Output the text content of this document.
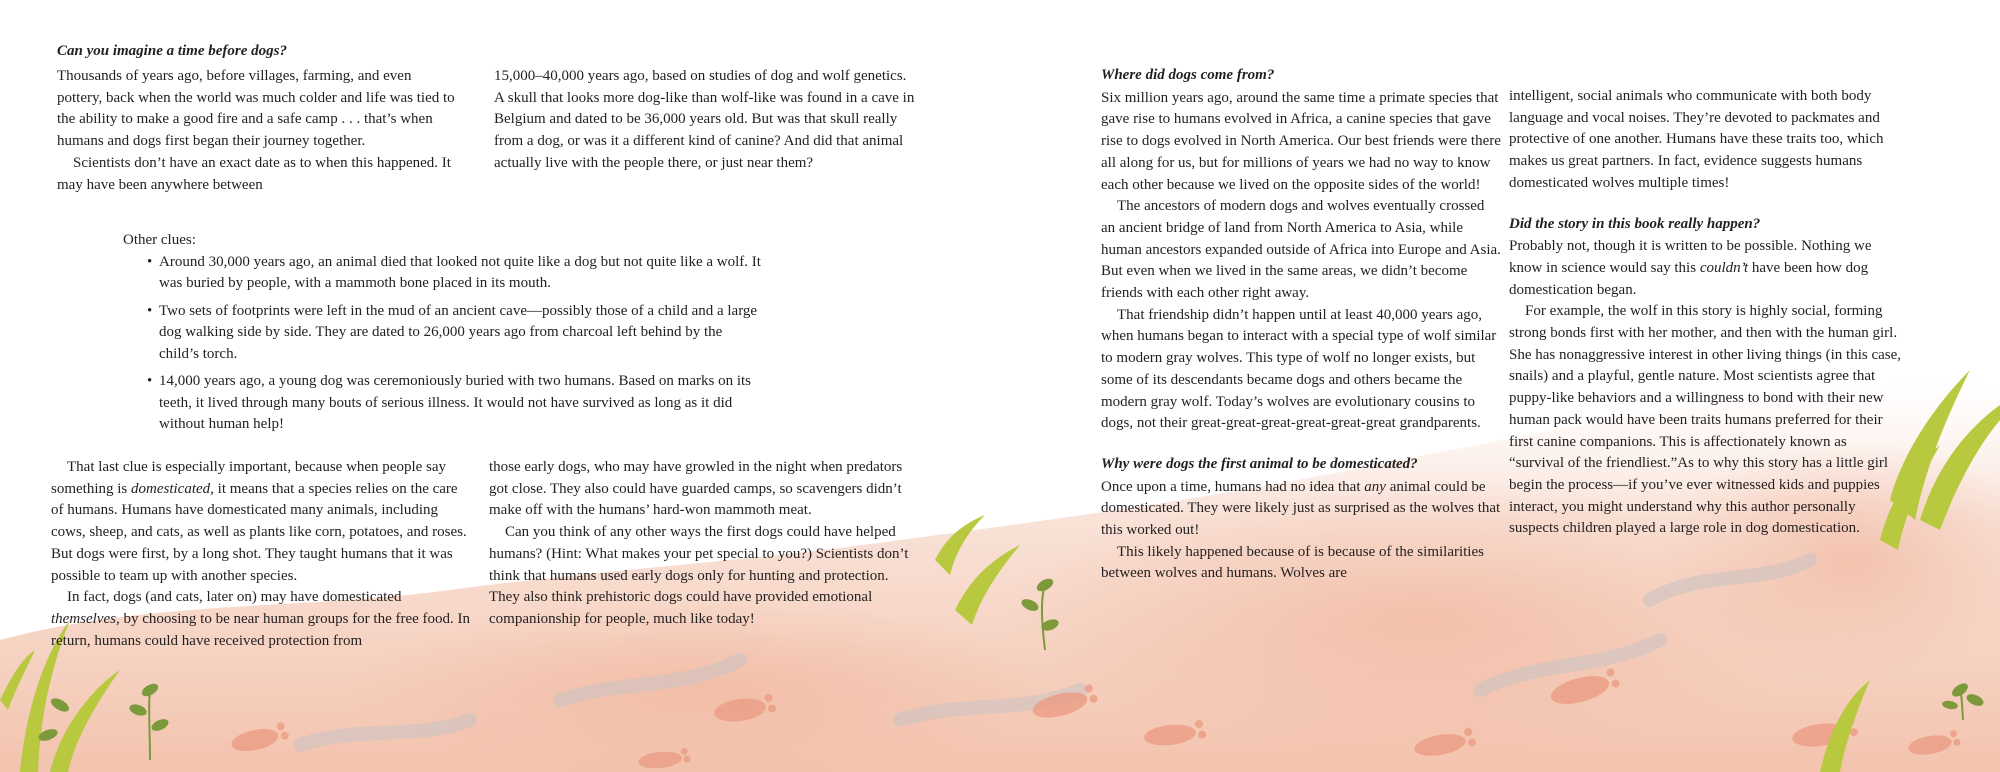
Can you imagine a time before dogs?

Thousands of years ago, before villages, farming, and even pottery, back when the world was much colder and life was tied to the ability to make a good fire and a safe camp . . . that’s when humans and dogs first began their journey together.

Scientists don’t have an exact date as to when this happened. It may have been anywhere between

15,000–40,000 years ago, based on studies of dog and wolf genetics. A skull that looks more dog-like than wolf-like was found in a cave in Belgium and dated to be 36,000 years old. But was that skull really from a dog, or was it a different kind of canine? And did that animal actually live with the people there, or just near them?

Other clues:
• Around 30,000 years ago, an animal died that looked not quite like a dog but not quite like a wolf. It was buried by people, with a mammoth bone placed in its mouth.
• Two sets of footprints were left in the mud of an ancient cave—possibly those of a child and a large dog walking side by side. They are dated to 26,000 years ago from charcoal left behind by the child’s torch.
• 14,000 years ago, a young dog was ceremoniously buried with two humans. Based on marks on its teeth, it lived through many bouts of serious illness. It would not have survived as long as it did without human help!

That last clue is especially important, because when people say something is domesticated, it means that a species relies on the care of humans. Humans have domesticated many animals, including cows, sheep, and cats, as well as plants like corn, potatoes, and roses. But dogs were first, by a long shot. They taught humans that it was possible to team up with another species.

In fact, dogs (and cats, later on) may have domesticated themselves, by choosing to be near human groups for the free food. In return, humans could have received protection from

those early dogs, who may have growled in the night when predators got close. They also could have guarded camps, so scavengers didn’t make off with the humans’ hard-won mammoth meat.

Can you think of any other ways the first dogs could have helped humans? (Hint: What makes your pet special to you?) Scientists don’t think that humans used early dogs only for hunting and protection. They also think prehistoric dogs could have provided emotional companionship for people, much like today!

Where did dogs come from?

Six million years ago, around the same time a primate species that gave rise to humans evolved in Africa, a canine species that gave rise to dogs evolved in North America. Our best friends were there all along for us, but for millions of years we had no way to know each other because we lived on the opposite sides of the world!

The ancestors of modern dogs and wolves eventually crossed an ancient bridge of land from North America to Asia, while human ancestors expanded outside of Africa into Europe and Asia. But even when we lived in the same areas, we didn’t become friends with each other right away.

That friendship didn’t happen until at least 40,000 years ago, when humans began to interact with a special type of wolf similar to modern gray wolves. This type of wolf no longer exists, but some of its descendants became dogs and others became the modern gray wolf. Today’s wolves are evolutionary cousins to dogs, not their great-great-great-great-great-great grandparents.

Why were dogs the first animal to be domesticated?

Once upon a time, humans had no idea that any animal could be domesticated. They were likely just as surprised as the wolves that this worked out!

This likely happened because of is because of the similarities between wolves and humans. Wolves are

intelligent, social animals who communicate with both body language and vocal noises. They’re devoted to packmates and protective of one another. Humans have these traits too, which makes us great partners. In fact, evidence suggests humans domesticated wolves multiple times!

Did the story in this book really happen?

Probably not, though it is written to be possible. Nothing we know in science would say this couldn’t have been how dog domestication began.

For example, the wolf in this story is highly social, forming strong bonds first with her mother, and then with the human girl. She has nonaggressive interest in other living things (in this case, snails) and a playful, gentle nature. Most scientists agree that puppy-like behaviors and a willingness to bond with their new human pack would have been traits humans preferred for their first canine companions. This is affectionately known as “survival of the friendliest.”As to why this story has a little girl begin the process—if you’ve ever witnessed kids and puppies interact, you might understand why this author personally suspects children played a large role in dog domestication.
